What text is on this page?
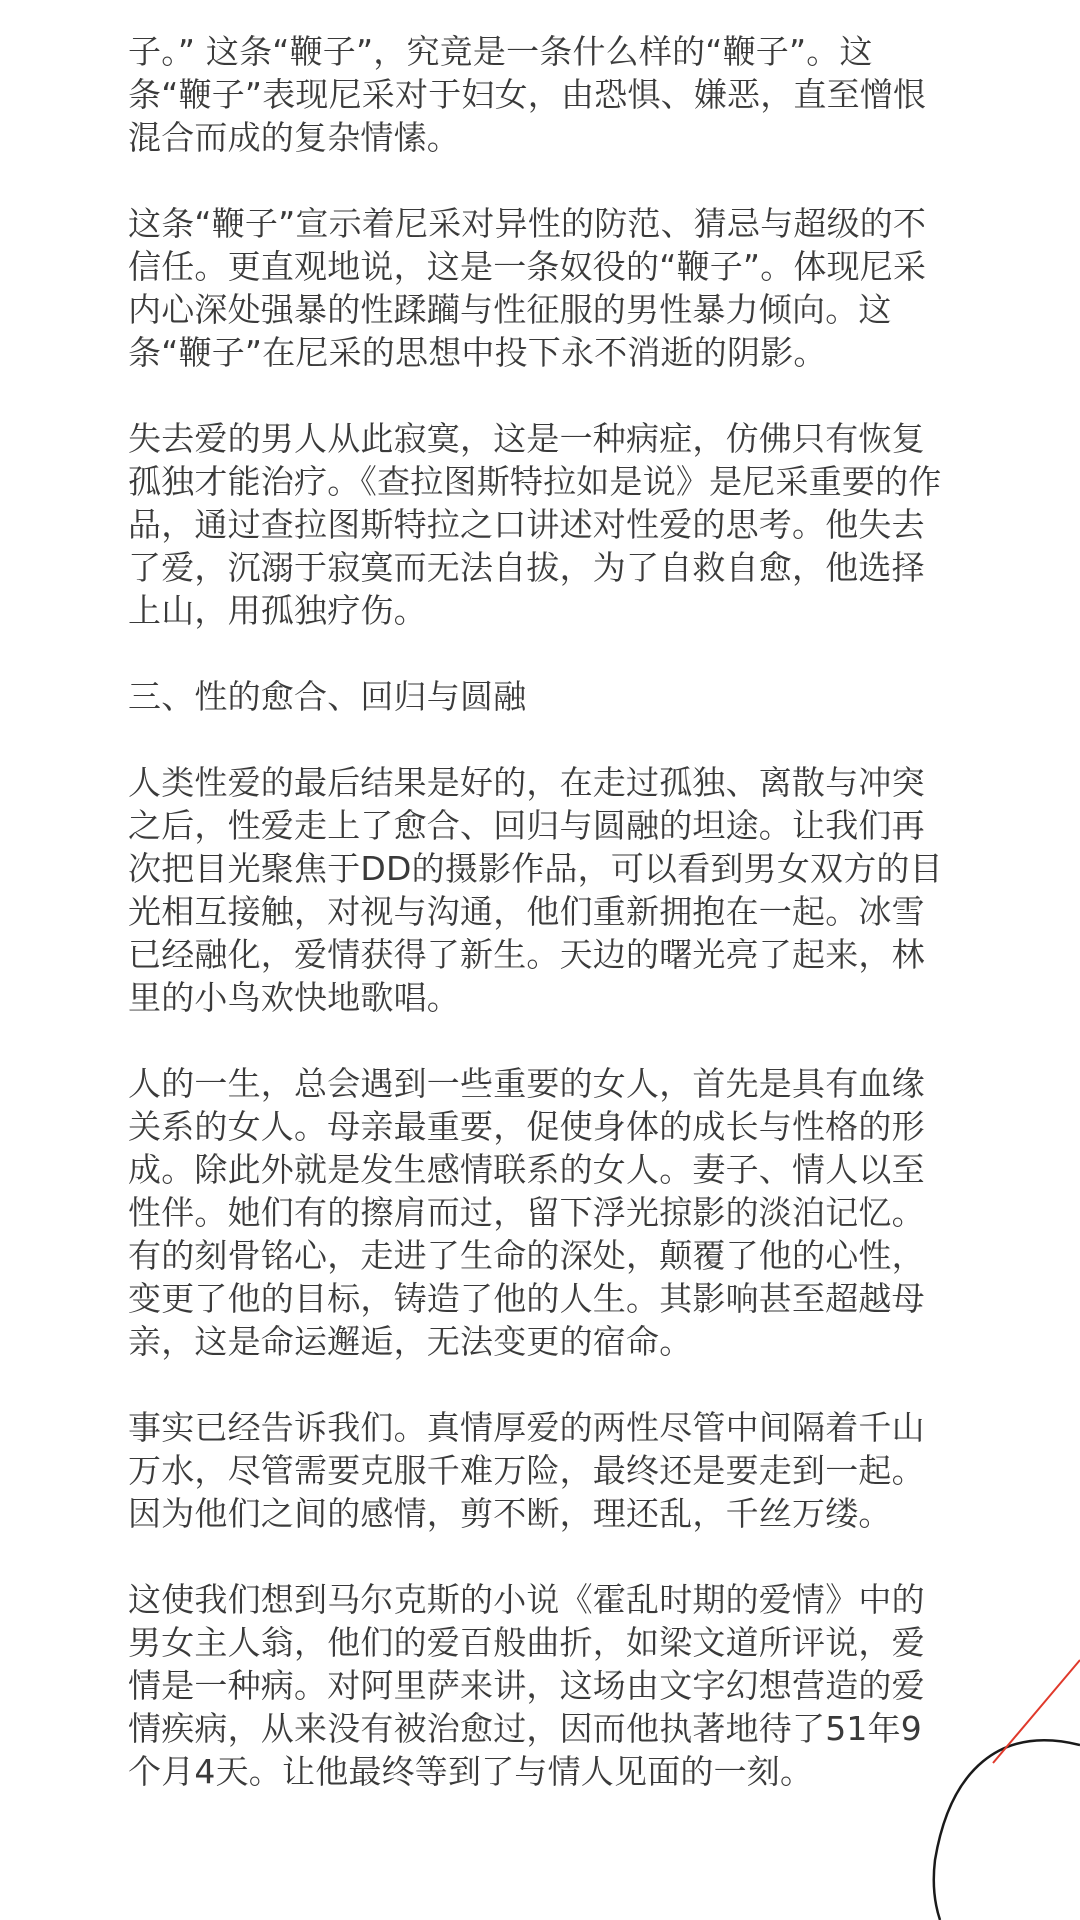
子。” 这条“鞭子”，究竟是一条什么样的“鞭子”。这条“鞭子”表现尼采对于妇女，由恐惧、嫌恶，直至憎恨混合而成的复杂情愫。

这条“鞭子”宣示着尼采对异性的防范、猜忌与超级的不信任。更直观地说，这是一条奴役的“鞭子”。体现尼采内心深处强暴的性蹂躏与性征服的男性暴力倾向。这条“鞭子”在尼采的思想中投下永不消逝的阴影。

失去爱的男人从此寂寞，这是一种病症，仿佛只有恢复孤独才能治疗。《查拉图斯特拉如是说》是尼采重要的作品，通过查拉图斯特拉之口讲述对性爱的思考。他失去了爱，沉溺于寂寞而无法自拔，为了自救自愈，他选择上山，用孤独疗伤。

三、性的愈合、回归与圆融

人类性爱的最后结果是好的，在走过孤独、离散与冲突之后，性爱走上了愈合、回归与圆融的坦途。让我们再次把目光聚焦于DD的摄影作品，可以看到男女双方的目光相互接触，对视与沟通，他们重新拥抱在一起。冰雪已经融化，爱情获得了新生。天边的曙光亮了起来，林里的小鸟欢快地歌唱。

人的一生，总会遇到一些重要的女人，首先是具有血缘关系的女人。母亲最重要，促使身体的成长与性格的形成。除此外就是发生感情联系的女人。妻子、情人以至性伴。她们有的擦肩而过，留下浮光掠影的淡泊记忆。有的刻骨铭心，走进了生命的深处，颠覆了他的心性，变更了他的目标，铸造了他的人生。其影响甚至超越母亲，这是命运邂逅，无法变更的宿命。

事实已经告诉我们。真情厚爱的两性尽管中间隔着千山万水，尽管需要克服千难万险，最终还是要走到一起。因为他们之间的感情，剪不断，理还乱，千丝万缕。

这使我们想到马尔克斯的小说《霍乱时期的爱情》中的男女主人翁，他们的爱百般曲折，如梁文道所评说，爱情是一种病。对阿里萨来讲，这场由文字幻想营造的爱情疾病，从来没有被治愈过，因而他执著地待了51年9个月4天。让他最终等到了与情人见面的一刻。
